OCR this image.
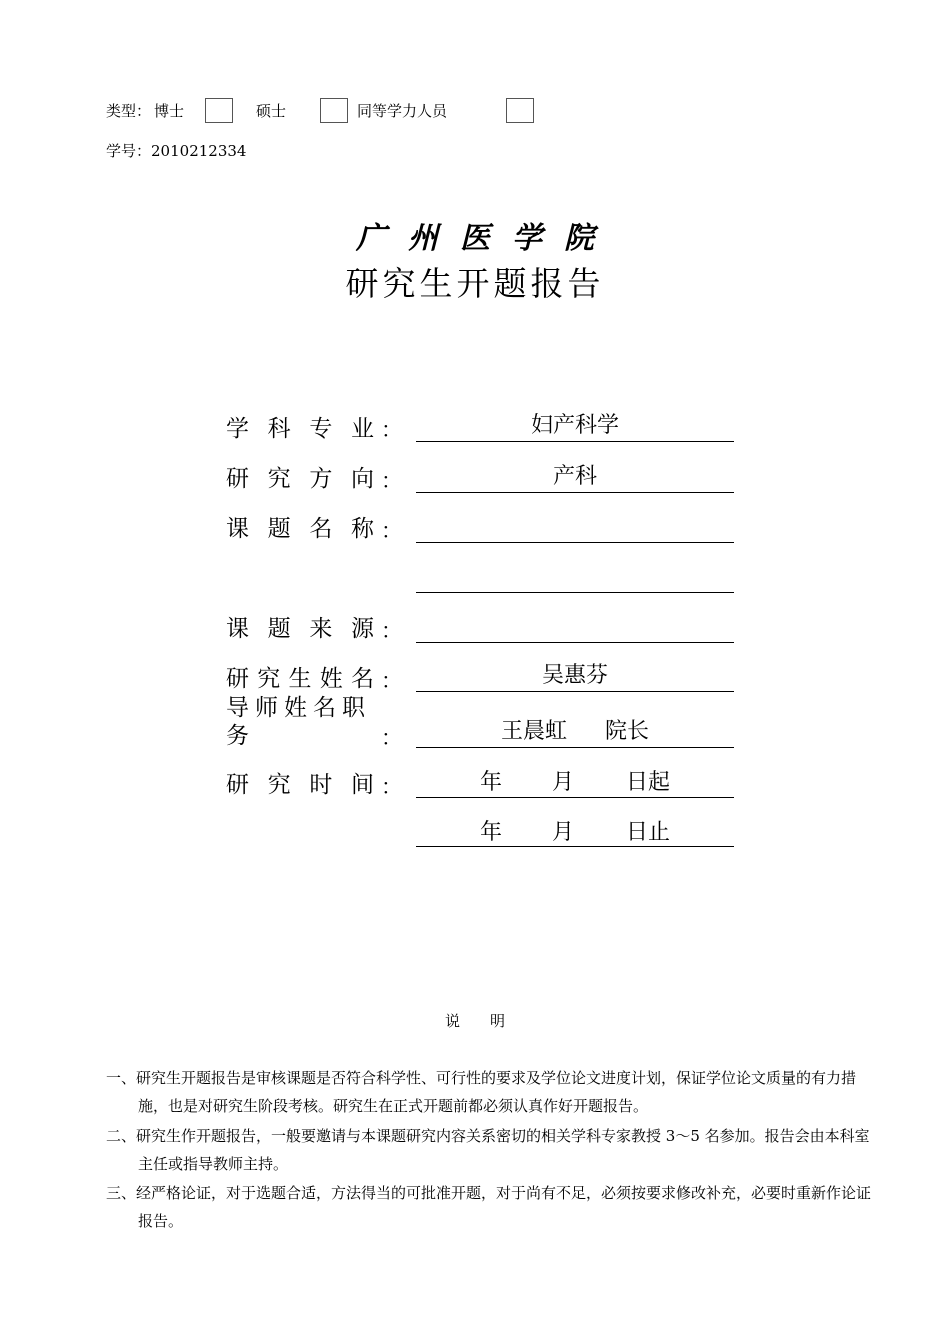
类型： 博士	硕士	同等学力人员
学号：2010212334
广州医学院
研究生开题报告
学 科 专 业 ：	妇产科学
研 究 方 向 ：	产科
课 题 名 称 ：
课 题 来 源 ：
研 究 生 姓 名 ：	吴惠芬
导师姓名职
务	：	王晨虹 院长
研 究 时 间 ：	年 月 日起
年 月 日止
说明
一、研究生开题报告是审核课题是否符合科学性、可行性的要求及学位论文进度计划，保证学位论文质量的有力措施，也是对研究生阶段考核。研究生在正式开题前都必须认真作好开题报告。
二、研究生作开题报告，一般要邀请与本课题研究内容关系密切的相关学科专家教授 3～5 名参加。报告会由本科室主任或指导教师主持。
三、经严格论证，对于选题合适，方法得当的可批准开题，对于尚有不足，必须按要求修改补充，必要时重新作论证报告。
